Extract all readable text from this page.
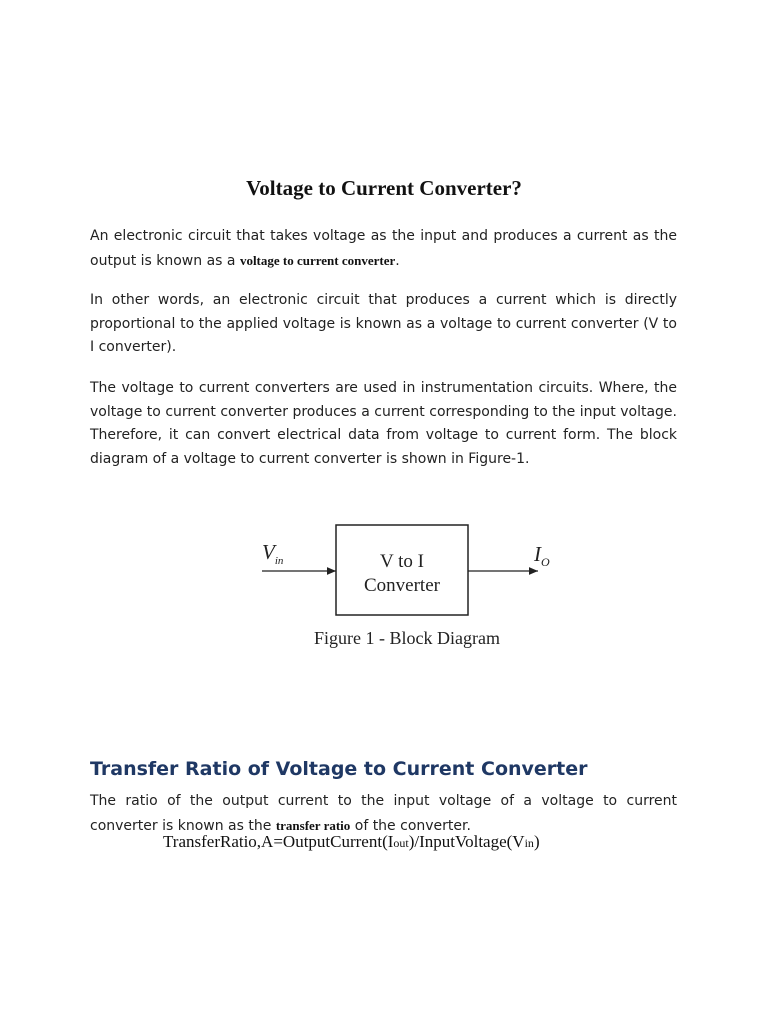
Voltage to Current Converter?

An electronic circuit that takes voltage as the input and produces a current as the output is known as a voltage to current converter.

In other words, an electronic circuit that produces a current which is directly proportional to the applied voltage is known as a voltage to current converter (V to I converter).

The voltage to current converters are used in instrumentation circuits. Where, the voltage to current converter produces a current corresponding to the input voltage. Therefore, it can convert electrical data from voltage to current form. The block diagram of a voltage to current converter is shown in Figure-1.

$V_{in}$	V to I
Converter
$I_O$
Figure 1 - Block Diagram
Transfer Ratio of Voltage to Current Converter

The ratio of the output current to the input voltage of a voltage to current converter is known as the transfer ratio of the converter.

TransferRatio,A=OutputCurrent(Iout)/InputVoltage(Vin)
